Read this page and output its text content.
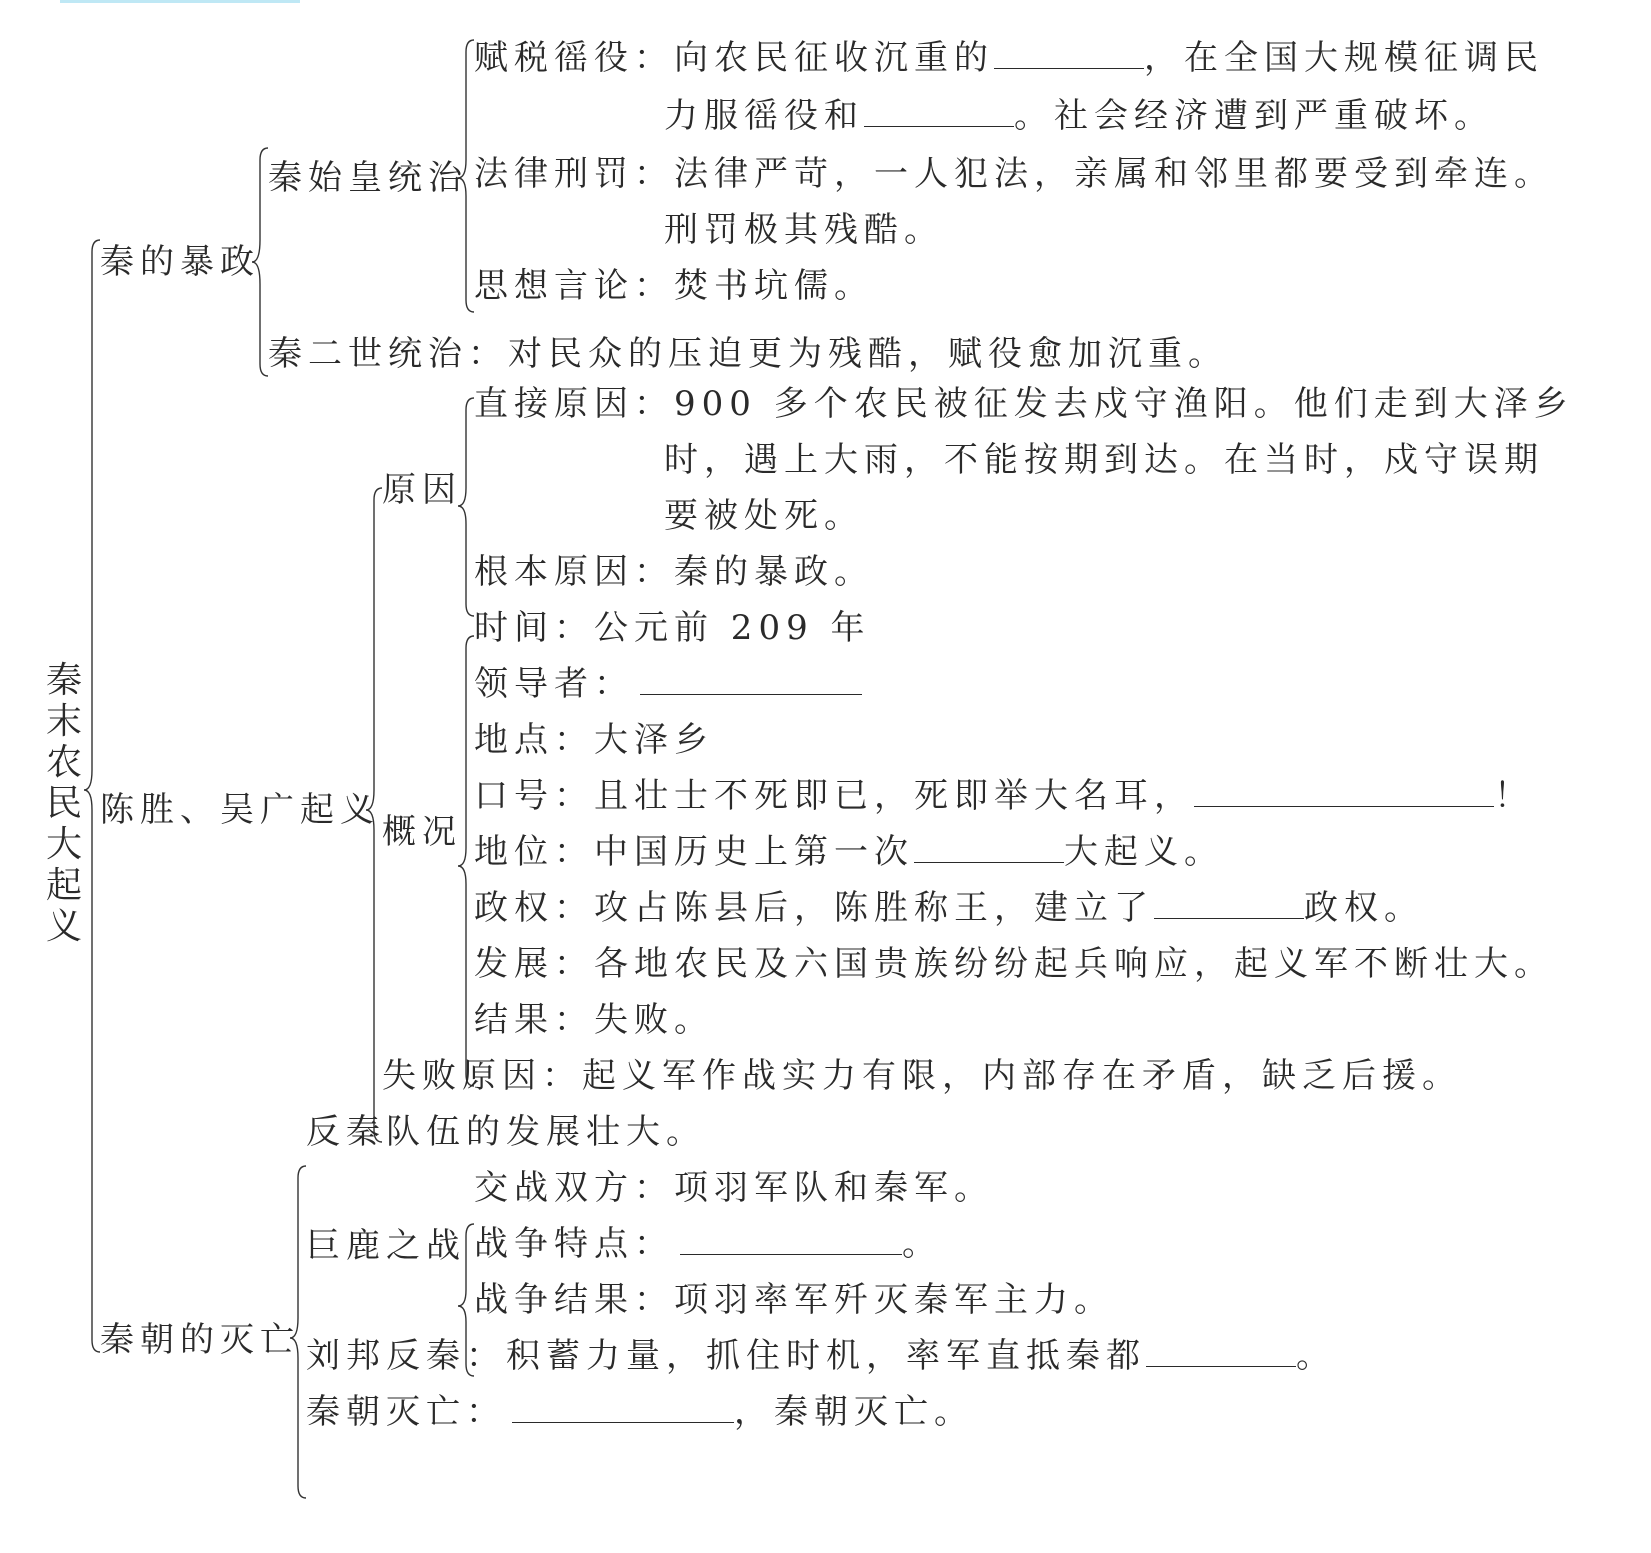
秦末农民大起义

秦的暴政

陈胜、吴广起义

秦朝的灭亡

秦始皇统治

秦二世统治：对民众的压迫更为残酷，赋役愈加沉重。

赋税徭役：向农民征收沉重的	，在全国大规模征调民

力服徭役和	。社会经济遭到严重破坏。

法律刑罚：法律严苛，一人犯法，亲属和邻里都要受到牵连。

刑罚极其残酷。

思想言论：焚书坑儒。

原因

概况

失败原因：起义军作战实力有限，内部存在矛盾，缺乏后援。

直接原因：900 多个农民被征发去戍守渔阳。他们走到大泽乡

时，遇上大雨，不能按期到达。在当时，戍守误期

要被处死。

根本原因：秦的暴政。

时间：公元前 209 年

领导者：

地点：大泽乡

口号：且壮士不死即已，死即举大名耳，	！

地位：中国历史上第一次	大起义。

政权：攻占陈县后，陈胜称王，建立了	政权。

发展：各地农民及六国贵族纷纷起兵响应，起义军不断壮大。

结果：失败。

反秦队伍的发展壮大。

巨鹿之战

刘邦反秦：积蓄力量，抓住时机，率军直抵秦都	。

秦朝灭亡：	，秦朝灭亡。

交战双方：项羽军队和秦军。

战争特点：	。

战争结果：项羽率军歼灭秦军主力。
